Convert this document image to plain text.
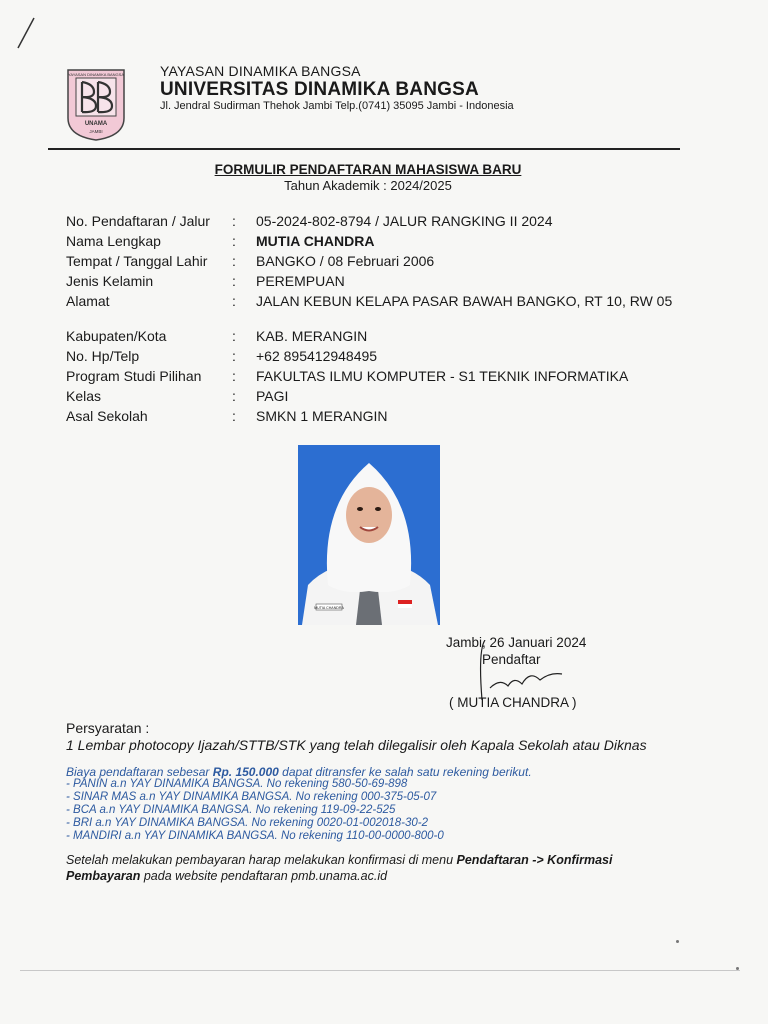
YAYASAN DINAMIKA BANGSA
UNAMA
JAMBI
YAYASAN DINAMIKA BANGSA
UNIVERSITAS DINAMIKA BANGSA
Jl. Jendral Sudirman Thehok Jambi Telp.(0741) 35095 Jambi - Indonesia
FORMULIR PENDAFTARAN MAHASISWA BARU
Tahun Akademik : 2024/2025
No. Pendaftaran / Jalur : 05-2024-802-8794 / JALUR RANGKING II 2024
Nama Lengkap	: MUTIA CHANDRA
Tempat / Tanggal Lahir : BANGKO / 08 Februari 2006
Jenis Kelamin	: PEREMPUAN
Alamat	: JALAN KEBUN KELAPA PASAR BAWAH BANGKO, RT 10, RW 05
Kabupaten/Kota	: KAB. MERANGIN
No. Hp/Telp	: +62 895412948495
Program Studi Pilihan : FAKULTAS ILMU KOMPUTER - S1 TEKNIK INFORMATIKA
Kelas	: PAGI
Asal Sekolah	: SMKN 1 MERANGIN
MUTIA CHANDRA
Jambi, 26 Januari 2024
Pendaftar
( MUTIA CHANDRA )
Persyaratan :
1 Lembar photocopy Ijazah/STTB/STK yang telah dilegalisir oleh Kapala Sekolah atau Diknas
Biaya pendaftaran sebesar Rp. 150.000 dapat ditransfer ke salah satu rekening berikut.
- PANIN a.n YAY DINAMIKA BANGSA. No rekening 580-50-69-898
- SINAR MAS a.n YAY DINAMIKA BANGSA. No rekening 000-375-05-07
- BCA a.n YAY DINAMIKA BANGSA. No rekening 119-09-22-525
- BRI a.n YAY DINAMIKA BANGSA. No rekening 0020-01-002018-30-2
- MANDIRI a.n YAY DINAMIKA BANGSA. No rekening 110-00-0000-800-0
Setelah melakukan pembayaran harap melakukan konfirmasi di menu Pendaftaran -> Konfirmasi Pembayaran pada website pendaftaran pmb.unama.ac.id
